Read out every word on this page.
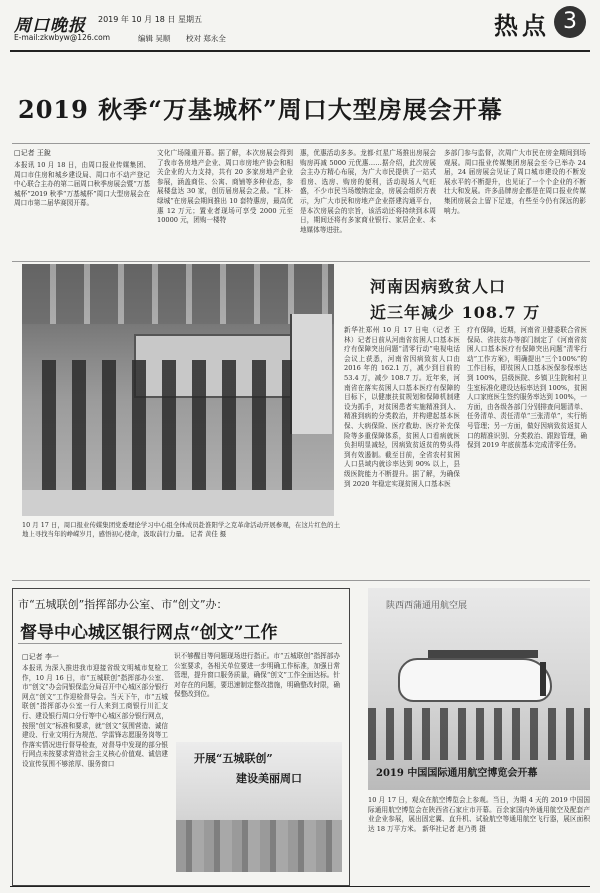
周口晚报 2019 年 10 月 18 日 星期五
E-mail:zkwbyw@126.com	编辑 吴顺 校对 郑永全	热点 3
2019 秋季“万基城杯”周口大型房展会开幕
□记者 王銳
本报讯 10 月 18 日，由周口报业传媒集团、周口市住房和城乡建设局、周口市不动产登记中心联合主办的第二届周口秋季房展会暨“万基城杯”2019 秋季“万基城杯”周口大型房展会在周口市第二届华赛园开幕。
文化广场隆重开幕。据了解，本次房展会得到了我市各房地产企业、周口市房地产协会和相关企业的大力支持，共有 20 多家房地产企业参展，涵盖商住、公寓、商铺等多种业态，参展楼盘达 30 家，创历届房展会之最。“汇林·绿城”在房展会期间推出 10 套特惠房，最高优惠 12 万元；置业者现场可享受 2000 元至 10000 元，团购一楼特
惠，优惠活动多多。龙都·红星广场推出房展会购房再减 5000 元优惠……据介绍，此次房展会主办方精心布展，为广大市民提供了一站式看房、选房、购房的便利，活动现场人气旺盛，不少市民当场缴纳定金，房展会组织方表示，为广大市民和房地产企业搭建沟通平台，是本次房展会的宗旨，该活动还将持续到本周日，期间还将有多家商业银行、家居企业、本地媒体等进驻。
多部门参与监督，次周广大市民在房金期间到场观展。周口报业传媒集团房展会至今已举办 24 届，24 届房展会见证了周口城市建设的不断发展水平的不断提升，也见证了一个个企业的不断壮大和发展。许多品牌房企都是在周口报业传媒集团房展会上留下足迹，有些至今仍有深远的影响力。
10 月 17 日，周口报业传媒集团党委理论学习中心组全体成员赴淮阳学之克革命活动开展参观，在这片红色的土地上寻找当年的峥嵘岁月，感悟初心使命，汲取前行力量。 记者 黄佳 摄
河南因病致贫人口
近三年减少 108.7 万
新华社郑州 10 月 17 日电（记者 王林）记者日前从河南省贫困人口基本医疗有保障突出问题“清零行动”电视电话会议上获悉，河南省因病致贫人口由 2016 年的 162.1 万，减少到目前的 53.4 万，减少 108.7 万。近年来，河南省在落实贫困人口基本医疗有保障的目标下，以健康扶贫规划和保障机制建设为抓手，对贫困患者实施精准到人、精准到病的分类救治，并构建起基本医保、大病保险、医疗救助、医疗补充保险等多重保障体系，贫困人口看病就医负担明显减轻，因病致贫返贫的势头得到有效遏制。截至目前，全省农村贫困人口县域内就诊率达到 90% 以上，县级医院能力不断提升。据了解，为确保到 2020 年稳定实现贫困人口基本医
疗有保障，近期，河南省卫健委联合省医保局、省扶贫办等部门制定了《河南省贫困人口基本医疗有保障突出问题“清零行动”工作方案》，明确提出“三个100%”的工作目标，即贫困人口基本医保参保率达到 100%，县级医院、乡镇卫生院和村卫生室标准化建设达标率达到 100%，贫困人口家庭医生签约服务率达到 100%，一方面，由各级各部门分别排查问题清单、任务清单、责任清单“三张清单”，实行销号管理；另一方面，做好因病致贫返贫人口的精准识别、分类救治、跟踪管理，确保到 2019 年底前基本完成清零任务。
市“五城联创”指挥部办公室、市“创文”办：
督导中心城区银行网点“创文”工作
□记者 李一
本报讯 为深入推进我市迎接省级文明城市复检工作，10 月 16 日，市“五城联创”指挥部办公室、市“创文”办会同银保监分局召开中心城区部分银行网点“创文”工作迎检督导会。当天下午，市“五城联创”指挥部办公室一行人来到工商银行川汇支行、建设银行周口分行等中心城区部分银行网点，按照“创文”标准和要求，就“创文”氛围营造、诚信建设、行业文明行为规范、学雷锋志愿服务岗等工作落实情况进行督导检查，对督导中发现的部分银行网点未按要求营造社会主义核心价值观、诚信建设宣传氛围不够浓厚、服务窗口
识不够醒目等问题现场进行指正。市“五城联创”指挥部办公室要求，各相关单位要进一步明确工作标准，加强日常管理，提升窗口服务质量，确保“创文”工作全面达标。针对存在的问题，要迅速制定整改措施，明确整改时限，确保整改到位。
开展“五城联创”
建设美丽周口
陕西西蒲通用航空展
2019 中国国际通用航空博览会开幕
10 月 17 日，观众在航空博览会上参观。当日，为期 4 天的 2019 中国国际通用航空博览会在陕西省石家庄市开幕。百余家国内外通用航空及配套产业企业参展，展出固定翼、直升机、试验航空等通用航空飞行器，展区面积达 18 万平方米。 新华社记者 赵乃勇 摄
